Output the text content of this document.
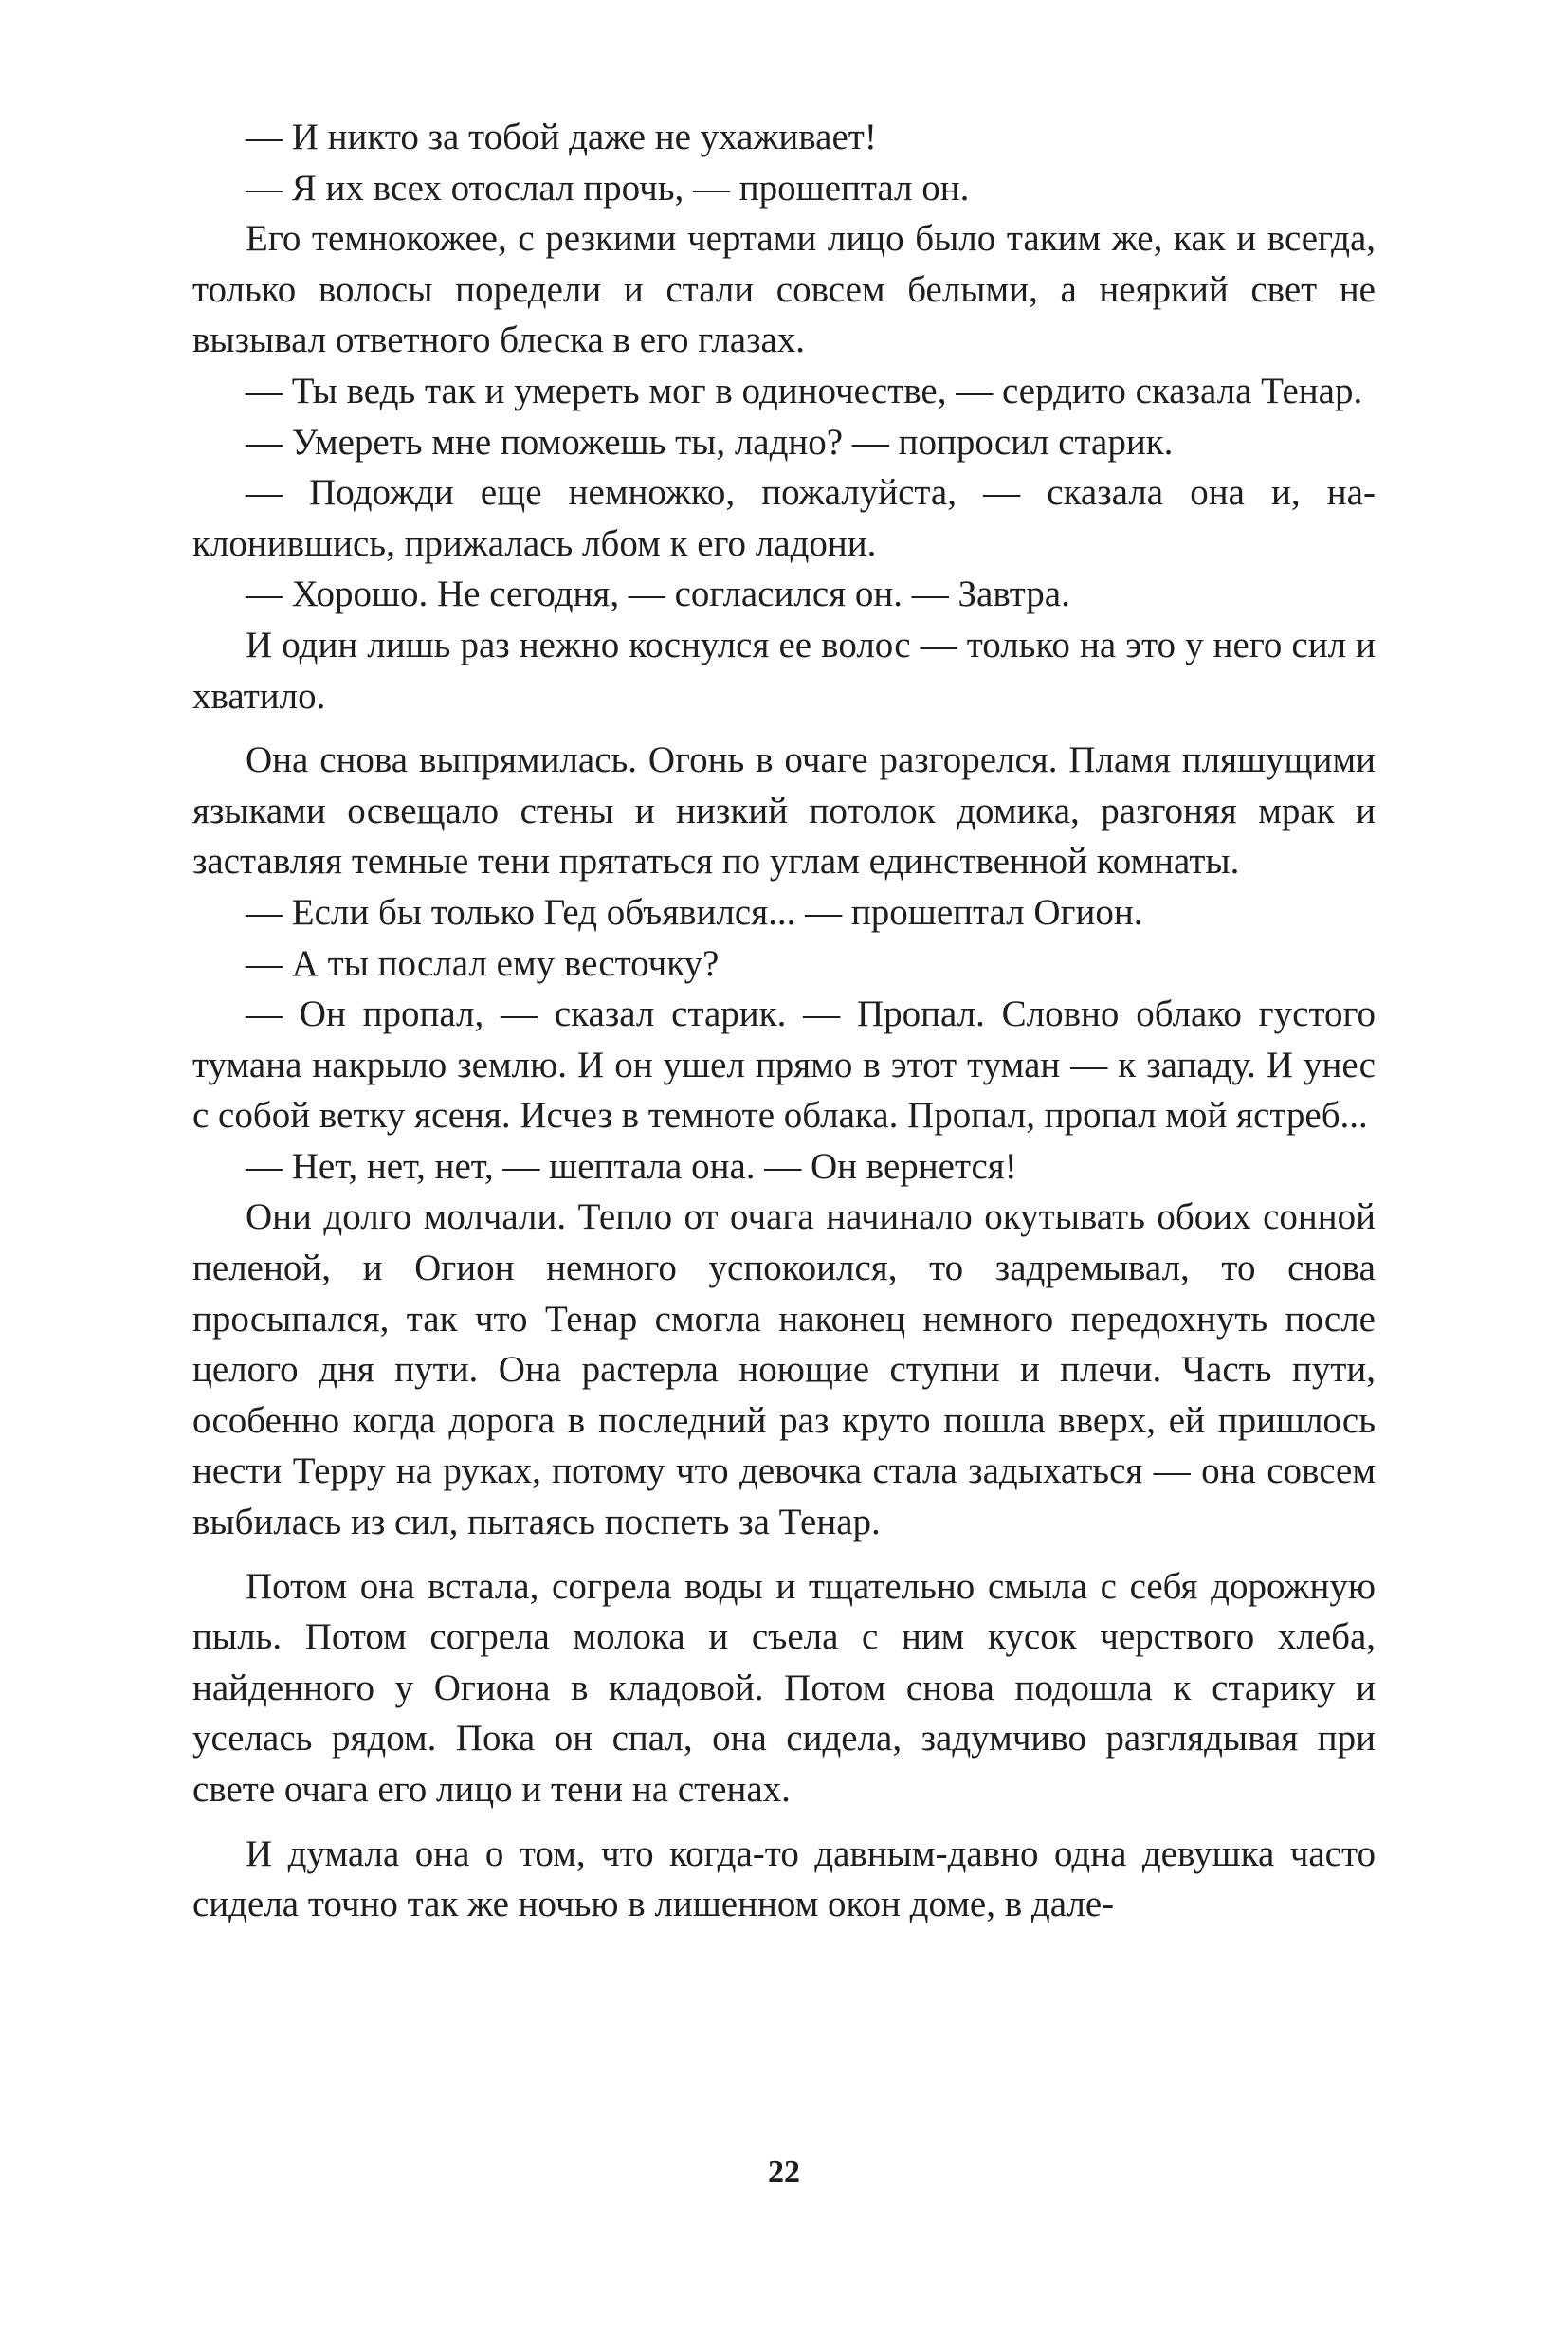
— И никто за тобой даже не ухаживает!

— Я их всех отослал прочь, — прошептал он.

Его темнокожее, с резкими чертами лицо было таким же, как и всегда, только волосы поредели и стали совсем белыми, а неяркий свет не вызывал ответного блеска в его глазах.

— Ты ведь так и умереть мог в одиночестве, — сердито сказала Тенар.

— Умереть мне поможешь ты, ладно? — попросил старик.

— Подожди еще немножко, пожалуйста, — сказала она и, наклонившись, прижалась лбом к его ладони.

— Хорошо. Не сегодня, — согласился он. — Завтра.

И один лишь раз нежно коснулся ее волос — только на это у него сил и хватило.

Она снова выпрямилась. Огонь в очаге разгорелся. Пламя пляшущими языками освещало стены и низкий потолок домика, разгоняя мрак и заставляя темные тени прятаться по углам единственной комнаты.

— Если бы только Гед объявился... — прошептал Огион.

— А ты послал ему весточку?

— Он пропал, — сказал старик. — Пропал. Словно облако густого тумана накрыло землю. И он ушел прямо в этот туман — к западу. И унес с собой ветку ясеня. Исчез в темноте облака. Пропал, пропал мой ястреб...

— Нет, нет, нет, — шептала она. — Он вернется!

Они долго молчали. Тепло от очага начинало окутывать обоих сонной пеленой, и Огион немного успокоился, то задремывал, то снова просыпался, так что Тенар смогла наконец немного передохнуть после целого дня пути. Она растерла ноющие ступни и плечи. Часть пути, особенно когда дорога в последний раз круто пошла вверх, ей пришлось нести Терру на руках, потому что девочка стала задыхаться — она совсем выбилась из сил, пытаясь поспеть за Тенар.

Потом она встала, согрела воды и тщательно смыла с себя дорожную пыль. Потом согрела молока и съела с ним кусок черствого хлеба, найденного у Огиона в кладовой. Потом снова подошла к старику и уселась рядом. Пока он спал, она сидела, задумчиво разглядывая при свете очага его лицо и тени на стенах.

И думала она о том, что когда-то давным-давно одна девушка часто сидела точно так же ночью в лишенном окон доме, в дале-

22
